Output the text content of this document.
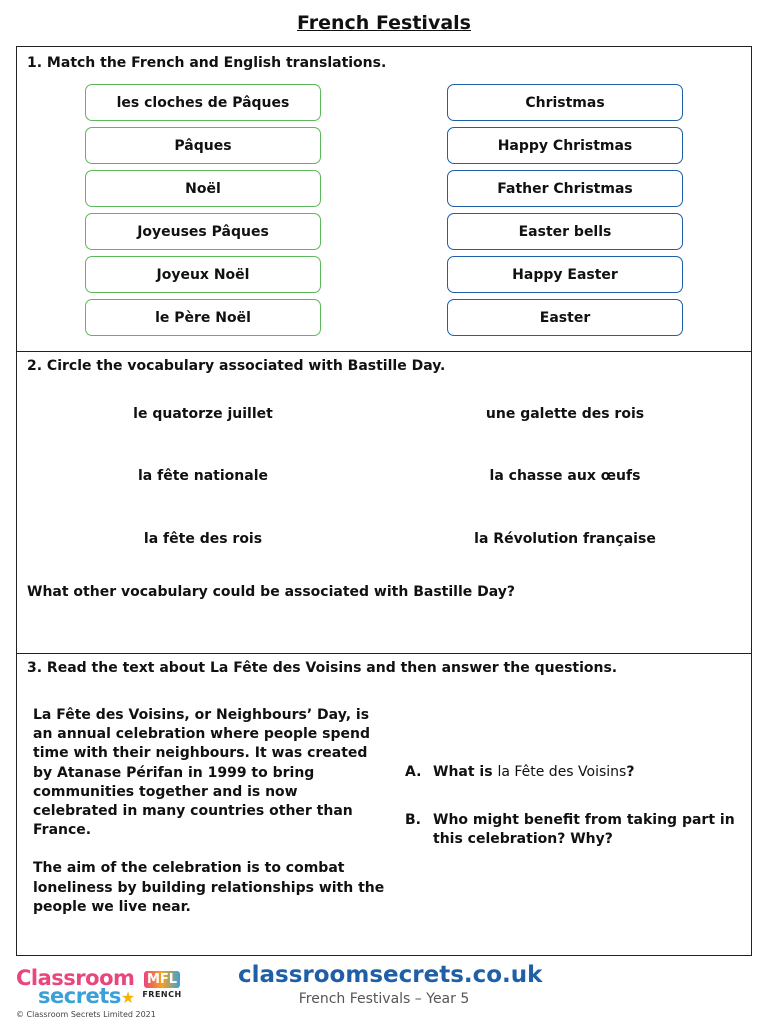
French Festivals
1. Match the French and English translations.
les cloches de Pâques
Pâques
Noël
Joyeuses Pâques
Joyeux Noël
le Père Noël
Christmas
Happy Christmas
Father Christmas
Easter bells
Happy Easter
Easter
2. Circle the vocabulary associated with Bastille Day.
le quatorze juillet
la fête nationale
la fête des rois
une galette des rois
la chasse aux œufs
la Révolution française
What other vocabulary could be associated with Bastille Day?
3. Read the text about La Fête des Voisins and then answer the questions.

La Fête des Voisins, or Neighbours’ Day, is an annual celebration where people spend time with their neighbours. It was created by Atanase Périfan in 1999 to bring communities together and is now celebrated in many countries other than France.

The aim of the celebration is to combat loneliness by building relationships with the people we live near.

A. What is la Fête des Voisins?
B. Who might benefit from taking part in this celebration? Why?
Classroom
secrets★
© Classroom Secrets Limited 2021
MFL
FRENCH
classroomsecrets.co.uk
French Festivals – Year 5
